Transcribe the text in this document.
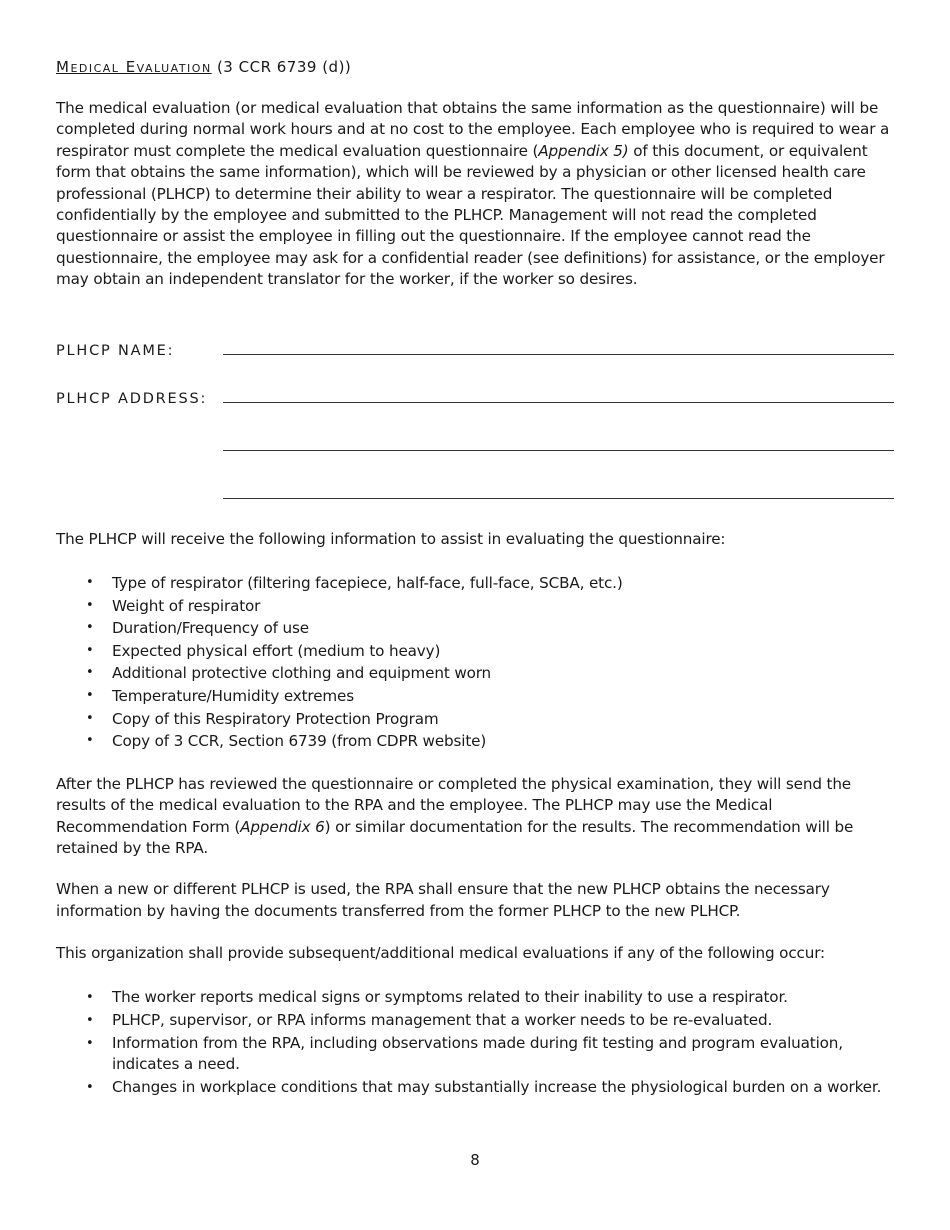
Medical Evaluation (3 CCR 6739 (d))

The medical evaluation (or medical evaluation that obtains the same information as the questionnaire) will be
completed during normal work hours and at no cost to the employee. Each employee who is required to wear a
respirator must complete the medical evaluation questionnaire (Appendix 5) of this document, or equivalent
form that obtains the same information), which will be reviewed by a physician or other licensed health care
professional (PLHCP) to determine their ability to wear a respirator. The questionnaire will be completed
confidentially by the employee and submitted to the PLHCP. Management will not read the completed
questionnaire or assist the employee in filling out the questionnaire. If the employee cannot read the
questionnaire, the employee may ask for a confidential reader (see definitions) for assistance, or the employer
may obtain an independent translator for the worker, if the worker so desires.

PLHCP NAME:
PLHCP ADDRESS:

The PLHCP will receive the following information to assist in evaluating the questionnaire:

• Type of respirator (filtering facepiece, half-face, full-face, SCBA, etc.)
• Weight of respirator
• Duration/Frequency of use
• Expected physical effort (medium to heavy)
• Additional protective clothing and equipment worn
• Temperature/Humidity extremes
• Copy of this Respiratory Protection Program
• Copy of 3 CCR, Section 6739 (from CDPR website)

After the PLHCP has reviewed the questionnaire or completed the physical examination, they will send the
results of the medical evaluation to the RPA and the employee. The PLHCP may use the Medical
Recommendation Form (Appendix 6) or similar documentation for the results. The recommendation will be
retained by the RPA.

When a new or different PLHCP is used, the RPA shall ensure that the new PLHCP obtains the necessary
information by having the documents transferred from the former PLHCP to the new PLHCP.

This organization shall provide subsequent/additional medical evaluations if any of the following occur:

• The worker reports medical signs or symptoms related to their inability to use a respirator.
• PLHCP, supervisor, or RPA informs management that a worker needs to be re-evaluated.
• Information from the RPA, including observations made during fit testing and program evaluation,
indicates a need.
• Changes in workplace conditions that may substantially increase the physiological burden on a worker.
8
